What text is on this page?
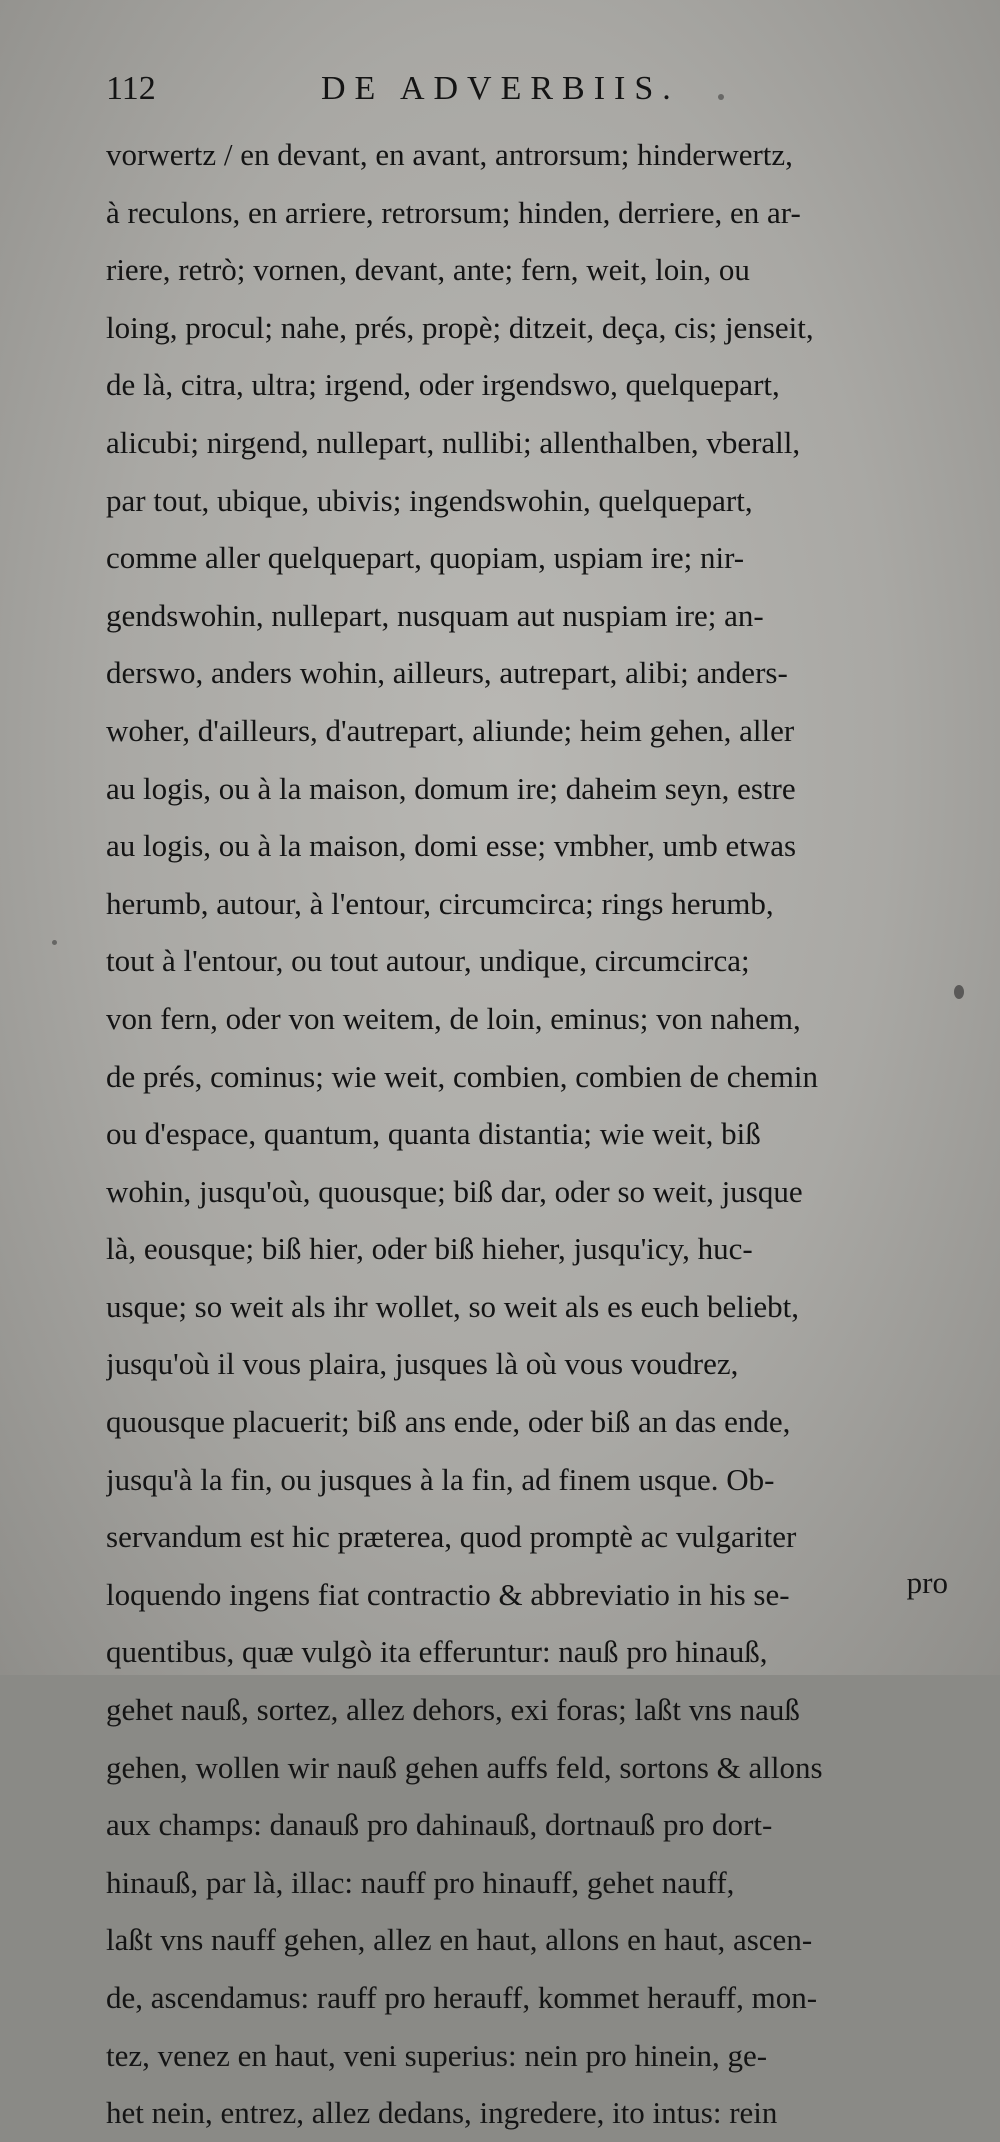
112	DE ADVERBIIS.
vorwertz / en devant, en avant, antrorsum; hinderwertz,
à reculons, en arriere, retrorsum; hinden, derriere, en ar-
riere, retrò; vornen, devant, ante; fern, weit, loin, ou
loing, procul; nahe, prés, propè; ditzeit, deça, cis; jenseit,
de là, citra, ultra; irgend, oder irgendswo, quelquepart,
alicubi; nirgend, nullepart, nullibi; allenthalben, vberall,
par tout, ubique, ubivis; ingendswohin, quelquepart,
comme aller quelquepart, quopiam, uspiam ire; nir-
gendswohin, nullepart, nusquam aut nuspiam ire; an-
derswo, anders wohin, ailleurs, autrepart, alibi; anders-
woher, d'ailleurs, d'autrepart, aliunde; heim gehen, aller
au logis, ou à la maison, domum ire; daheim seyn, estre
au logis, ou à la maison, domi esse; vmbher, umb etwas
herumb, autour, à l'entour, circumcirca; rings herumb,
tout à l'entour, ou tout autour, undique, circumcirca;
von fern, oder von weitem, de loin, eminus; von nahem,
de prés, cominus; wie weit, combien, combien de chemin
ou d'espace, quantum, quanta distantia; wie weit, biß
wohin, jusqu'où, quousque; biß dar, oder so weit, jusque
là, eousque; biß hier, oder biß hieher, jusqu'icy, huc-
usque; so weit als ihr wollet, so weit als es euch beliebt,
jusqu'où il vous plaira, jusques là où vous voudrez,
quousque placuerit; biß ans ende, oder biß an das ende,
jusqu'à la fin, ou jusques à la fin, ad finem usque. Ob-
servandum est hic præterea, quod promptè ac vulgariter
loquendo ingens fiat contractio & abbreviatio in his se-
quentibus, quæ vulgò ita efferuntur: nauß pro hinauß,
gehet nauß, sortez, allez dehors, exi foras; laßt vns nauß
gehen, wollen wir nauß gehen auffs feld, sortons & allons
aux champs: danauß pro dahinauß, dortnauß pro dort-
hinauß, par là, illac: nauff pro hinauff, gehet nauff,
laßt vns nauff gehen, allez en haut, allons en haut, ascen-
de, ascendamus: rauff pro herauff, kommet herauff, mon-
tez, venez en haut, veni superius: nein pro hinein, ge-
het nein, entrez, allez dedans, ingredere, ito intus: rein
pro
